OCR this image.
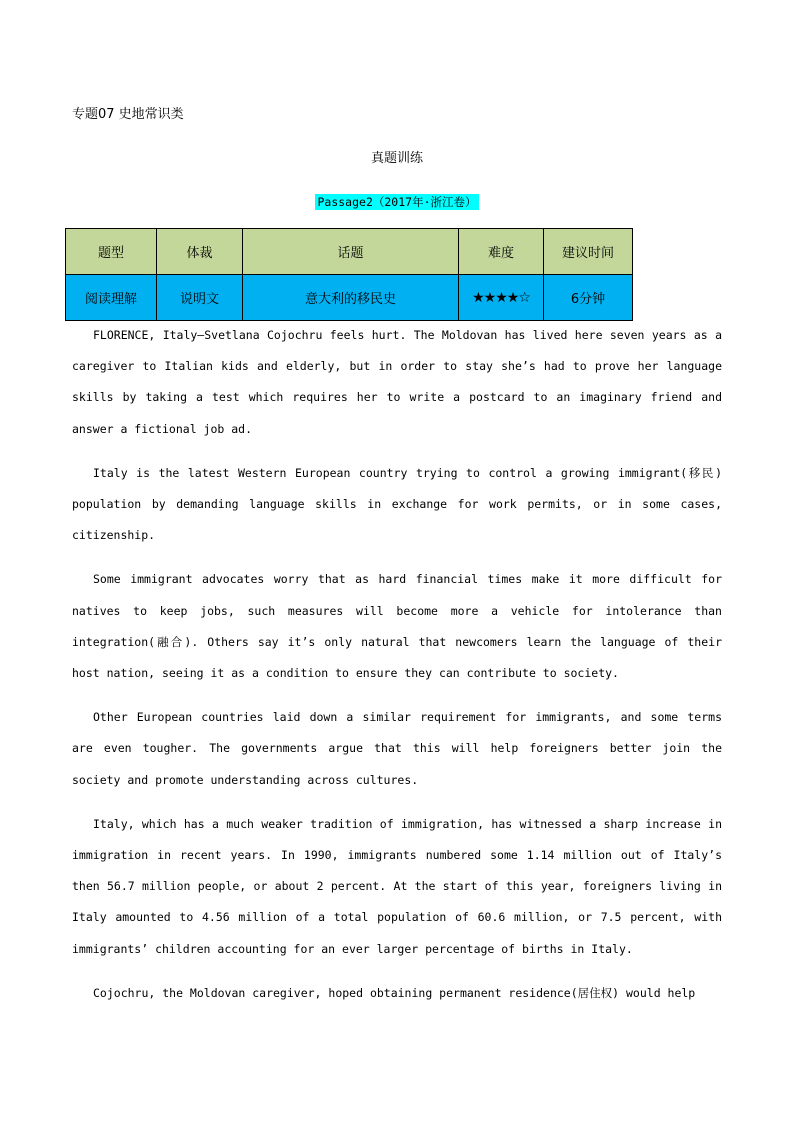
专题07 史地常识类
真题训练
Passage2（2017年·浙江卷）
题型	体裁	话题	难度	建议时间
阅读理解	说明文	意大利的移民史	★★★★☆	6分钟

FLORENCE, Italy—Svetlana Cojochru feels hurt. The Moldovan has lived here seven years as a caregiver to Italian kids and elderly, but in order to stay she’s had to prove her language skills by taking a test which requires her to write a postcard to an imaginary friend and answer a fictional job ad.

Italy is the latest Western European country trying to control a growing immigrant(移民) population by demanding language skills in exchange for work permits, or in some cases, citizenship.

Some immigrant advocates worry that as hard financial times make it more difficult for natives to keep jobs, such measures will become more a vehicle for intolerance than integration(融合). Others say it’s only natural that newcomers learn the language of their host nation, seeing it as a condition to ensure they can contribute to society.

Other European countries laid down a similar requirement for immigrants, and some terms are even tougher. The governments argue that this will help foreigners better join the society and promote understanding across cultures.

Italy, which has a much weaker tradition of immigration, has witnessed a sharp increase in immigration in recent years. In 1990, immigrants numbered some 1.14 million out of Italy’s then 56.7 million people, or about 2 percent. At the start of this year, foreigners living in Italy amounted to 4.56 million of a total population of 60.6 million, or 7.5 percent, with immigrants’ children accounting for an ever larger percentage of births in Italy.

Cojochru, the Moldovan caregiver, hoped obtaining permanent residence(居住权) would help
